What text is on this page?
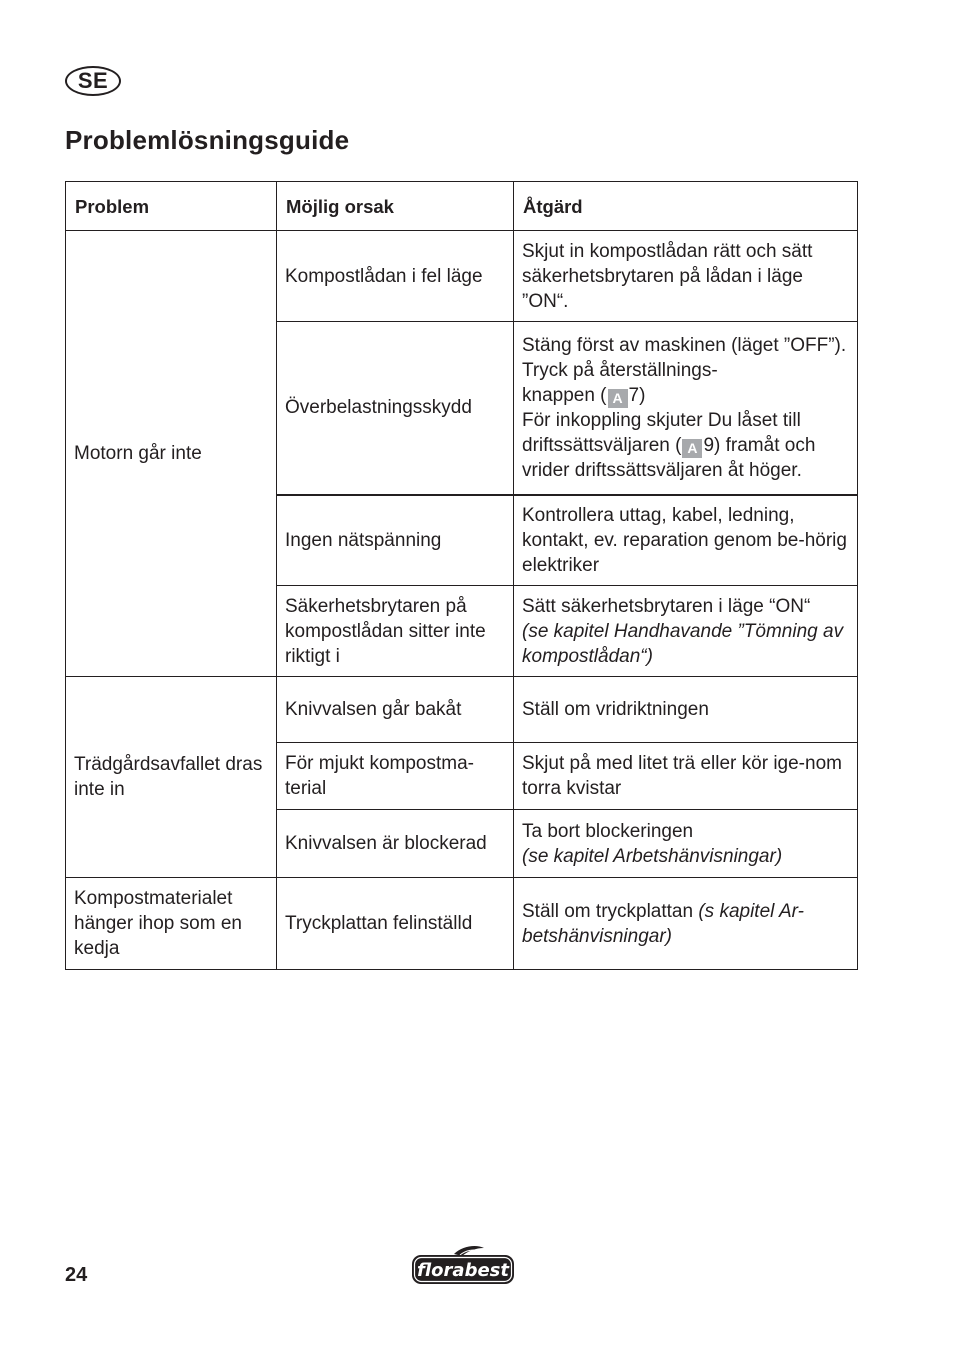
SE
Problemlösningsguide
Problem	Möjlig orsak	Åtgärd
Motorn går inte	Kompostlådan i fel läge	Skjut in kompostlådan rätt och sätt säkerhetsbrytaren på lådan i läge ”ON“.
	Överbelastningsskydd	Stäng först av maskinen (läget ”OFF”). Tryck på återställnings-
knappen ( A 7)
För inkoppling skjuter Du låset till
driftssättsväljaren ( A 9) framåt och
vrider driftssättsväljaren åt höger.
	Ingen nätspänning	Kontrollera uttag, kabel, ledning, kontakt, ev. reparation genom be-hörig elektriker
	Säkerhetsbrytaren på kompostlådan sitter inte riktigt i	Sätt säkerhetsbrytaren i läge “ON“
(se kapitel Handhavande ”Tömning av kompostlådan“)
Trädgårdsavfallet dras inte in	Knivvalsen går bakåt	Ställ om vridriktningen
	För mjukt kompostma-terial	Skjut på med litet trä eller kör ige-nom torra kvistar
	Knivvalsen är blockerad	Ta bort blockeringen
(se kapitel Arbetshänvisningar)
Kompostmaterialet hänger ihop som en kedja	Tryckplattan felinställd	Ställ om tryckplattan (s kapitel Ar-betshänvisningar)
24	florabest
